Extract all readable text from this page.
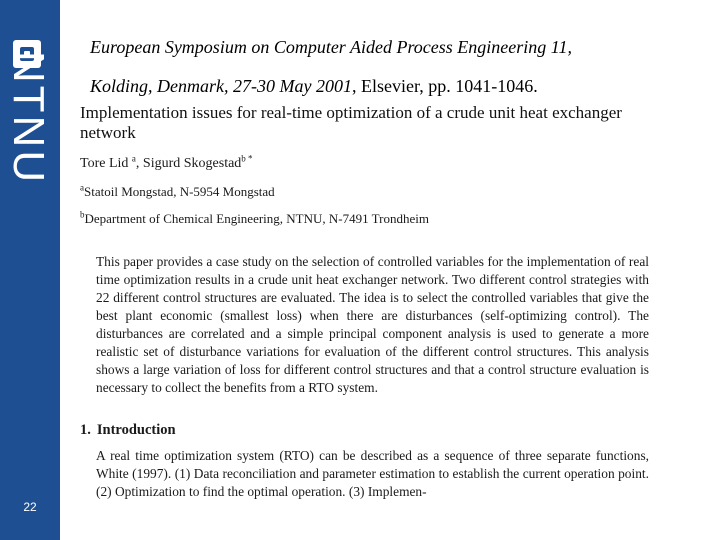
NTNU
22
European Symposium on Computer Aided Process Engineering 11,
Kolding, Denmark, 27-30 May 2001, Elsevier, pp. 1041-1046.
Implementation issues for real-time optimization of a crude unit heat exchanger network

Tore Lid $^a$, Sigurd Skogestad$^{b *}$

$^a$Statoil Mongstad, N-5954 Mongstad

$^b$Department of Chemical Engineering, NTNU, N-7491 Trondheim

This paper provides a case study on the selection of controlled variables for the implementation of real time optimization results in a crude unit heat exchanger network. Two different control strategies with 22 different control structures are evaluated. The idea is to select the controlled variables that give the best plant economic (smallest loss) when there are disturbances (self-optimizing control). The disturbances are correlated and a simple principal component analysis is used to generate a more realistic set of disturbance variations for evaluation of the different control structures. This analysis shows a large variation of loss for different control structures and that a control structure evaluation is necessary to collect the benefits from a RTO system.

1. Introduction

A real time optimization system (RTO) can be described as a sequence of three separate functions, White (1997). (1) Data reconciliation and parameter estimation to establish the current operation point. (2) Optimization to find the optimal operation. (3) Implemen-
